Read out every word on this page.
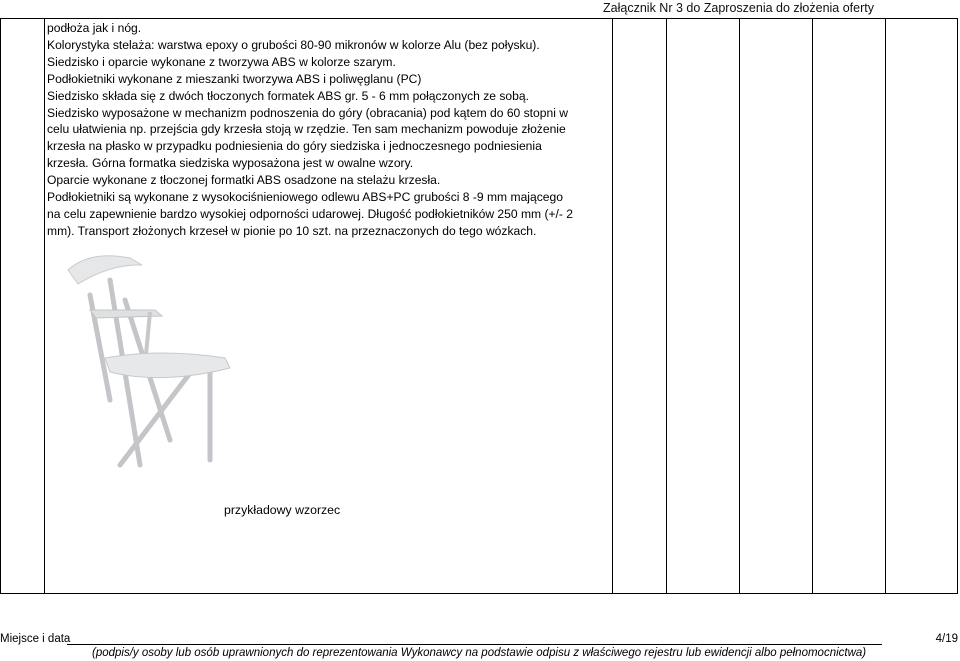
Załącznik Nr 3 do Zaproszenia do złożenia oferty
podłoża jak i nóg.
Kolorystyka stelaża: warstwa epoxy o grubości 80-90 mikronów w kolorze Alu (bez połysku).
Siedzisko i oparcie wykonane z tworzywa ABS w kolorze szarym.
Podłokietniki wykonane z mieszanki tworzywa ABS i poliwęglanu (PC)
Siedzisko składa się z dwóch tłoczonych formatek ABS gr. 5 - 6 mm połączonych ze sobą.
Siedzisko wyposażone w mechanizm podnoszenia do góry (obracania) pod kątem do 60 stopni w
celu ułatwienia np. przejścia gdy krzesła stoją w rzędzie. Ten sam mechanizm powoduje złożenie
krzesła na płasko w przypadku podniesienia do góry siedziska i jednoczesnego podniesienia
krzesła. Górna formatka siedziska wyposażona jest w owalne wzory.
Oparcie wykonane z tłoczonej formatki ABS osadzone na stelażu krzesła.
Podłokietniki są wykonane z wysokociśnieniowego odlewu ABS+PC grubości 8 -9 mm mającego
na celu zapewnienie bardzo wysokiej odporności udarowej. Długość podłokietników 250 mm (+/- 2
mm). Transport złożonych krzeseł w pionie po 10 szt. na przeznaczonych do tego wózkach.
przykładowy wzorzec
Miejsce i data	4/19
(podpis/y osoby lub osób uprawnionych do reprezentowania Wykonawcy na podstawie odpisu z właściwego rejestru lub ewidencji albo pełnomocnictwa)
